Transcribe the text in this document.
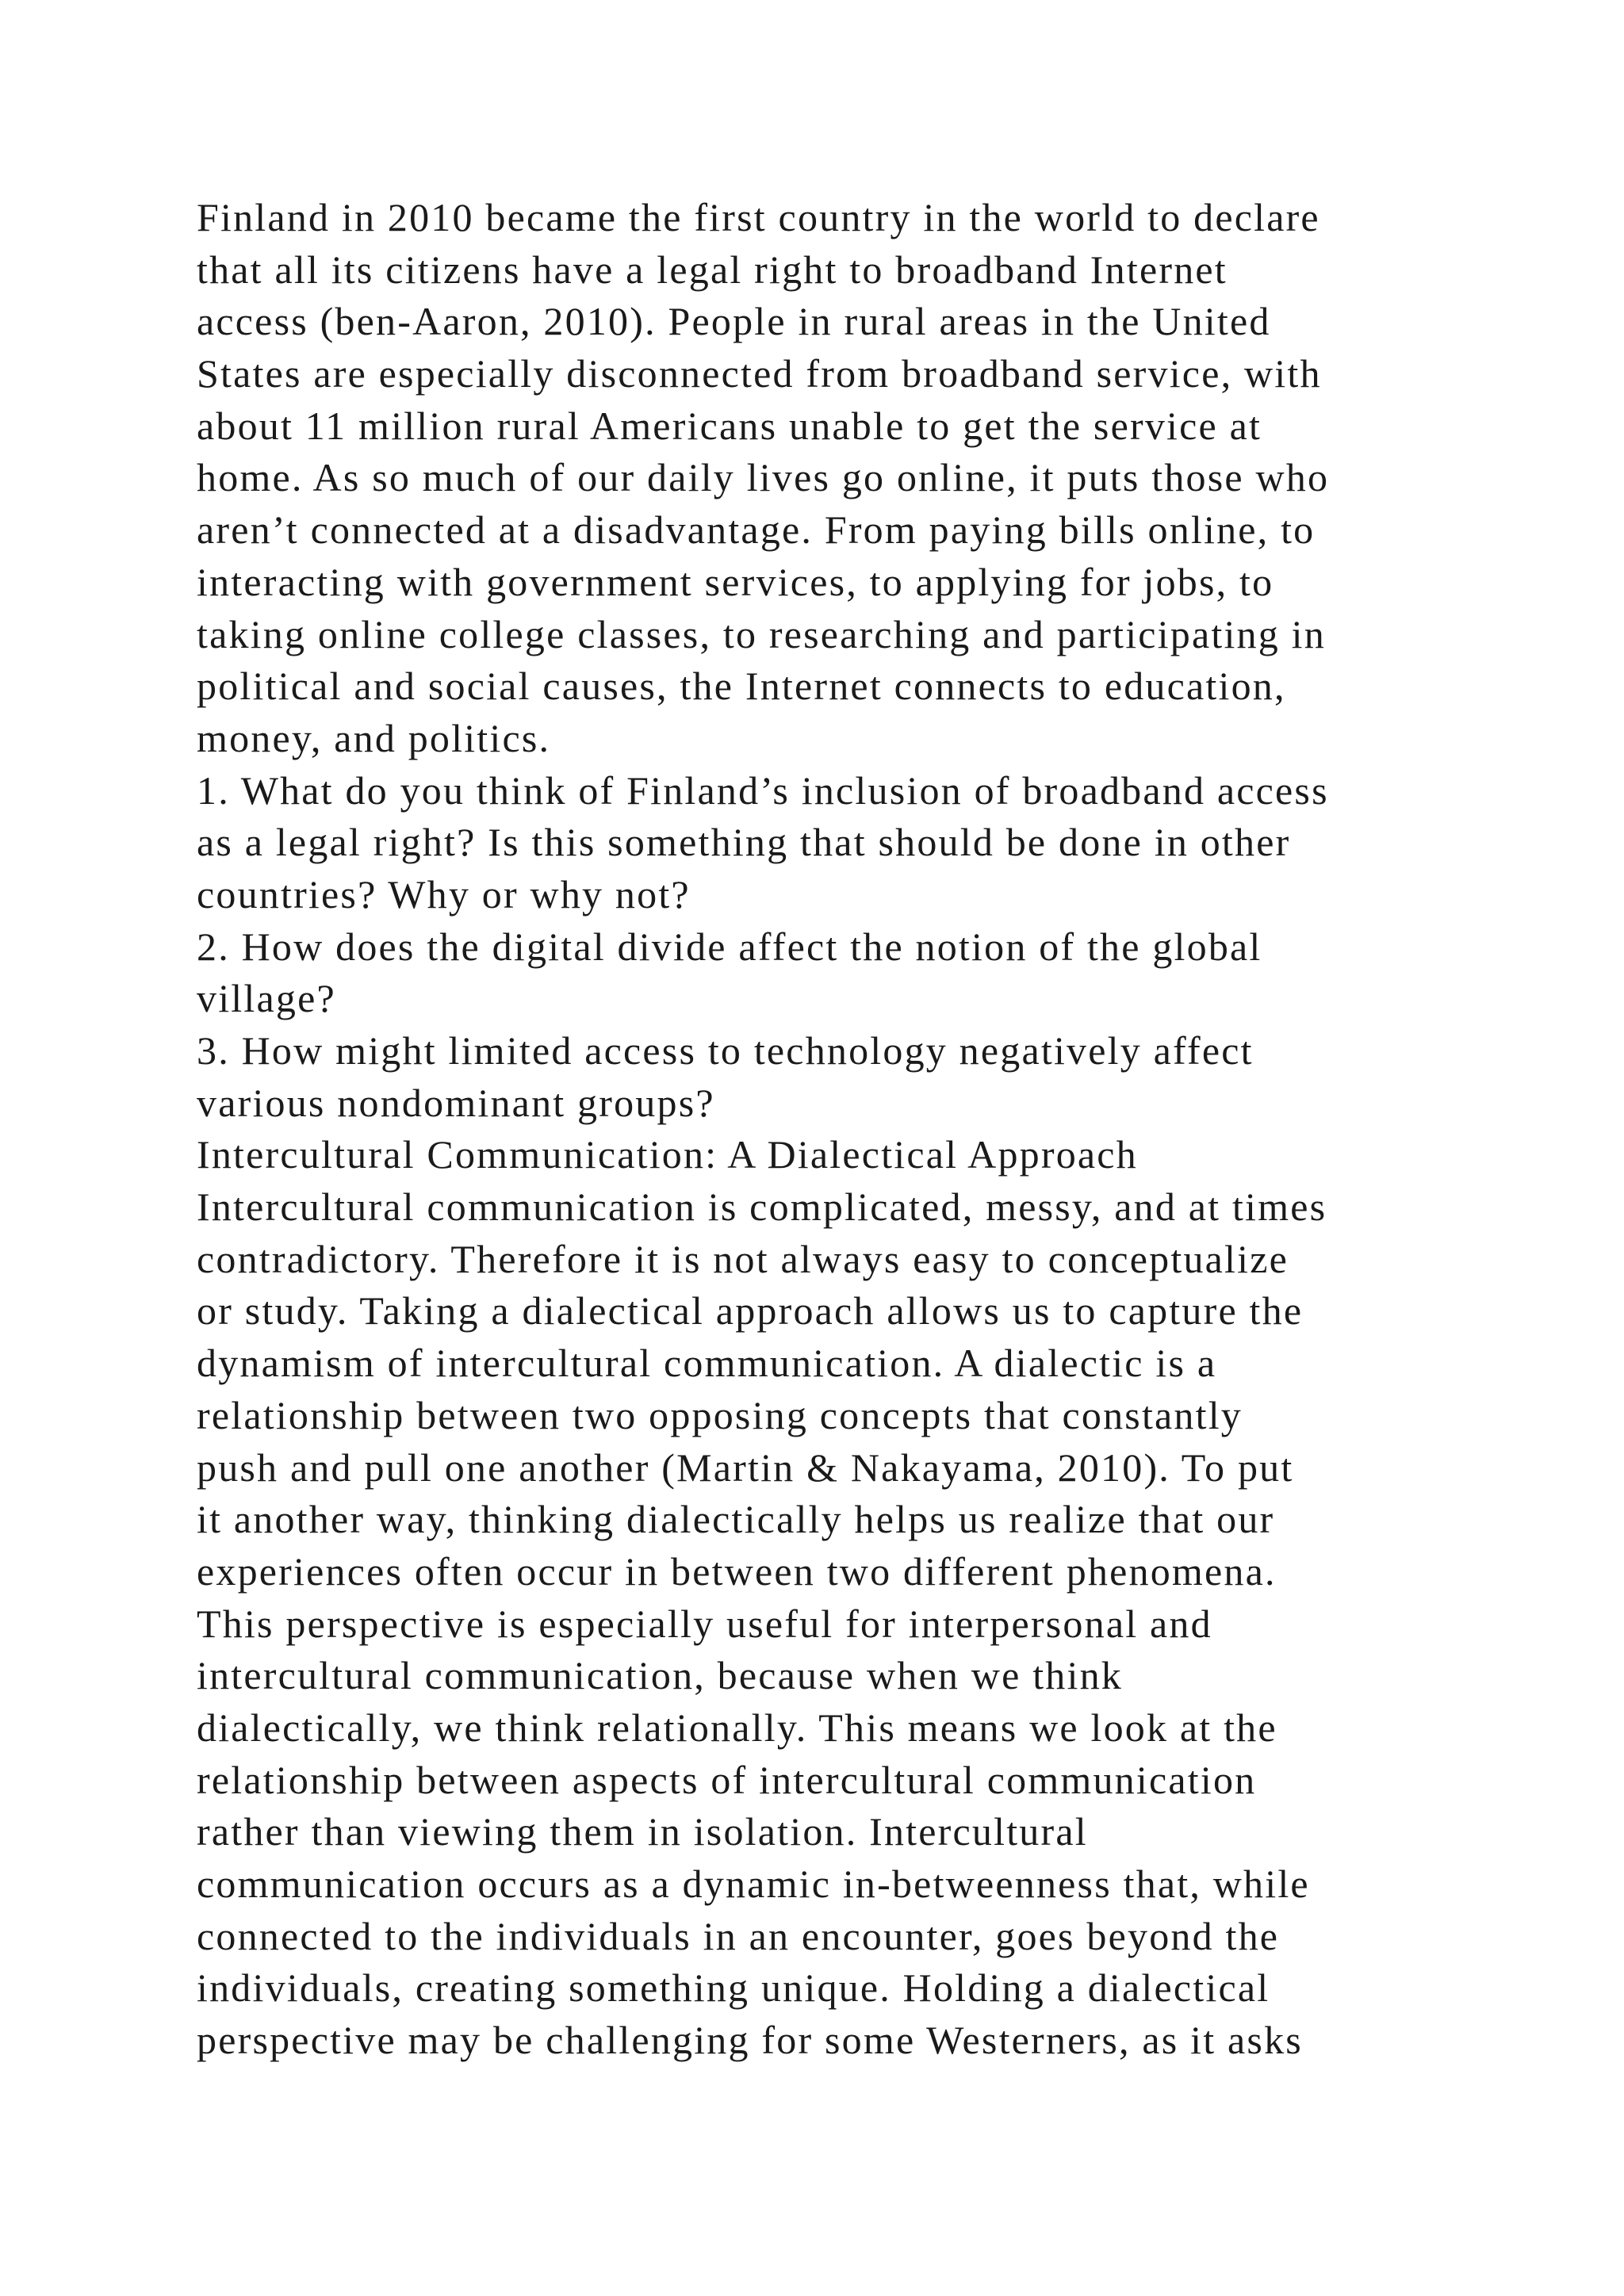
Finland in 2010 became the first country in the world to declare
that all its citizens have a legal right to broadband Internet
access (ben-Aaron, 2010). People in rural areas in the United
States are especially disconnected from broadband service, with
about 11 million rural Americans unable to get the service at
home. As so much of our daily lives go online, it puts those who
aren’t connected at a disadvantage. From paying bills online, to
interacting with government services, to applying for jobs, to
taking online college classes, to researching and participating in
political and social causes, the Internet connects to education,
money, and politics.
1. What do you think of Finland’s inclusion of broadband access
as a legal right? Is this something that should be done in other
countries? Why or why not?
2. How does the digital divide affect the notion of the global
village?
3. How might limited access to technology negatively affect
various nondominant groups?
Intercultural Communication: A Dialectical Approach
Intercultural communication is complicated, messy, and at times
contradictory. Therefore it is not always easy to conceptualize
or study. Taking a dialectical approach allows us to capture the
dynamism of intercultural communication. A dialectic is a
relationship between two opposing concepts that constantly
push and pull one another (Martin & Nakayama, 2010). To put
it another way, thinking dialectically helps us realize that our
experiences often occur in between two different phenomena.
This perspective is especially useful for interpersonal and
intercultural communication, because when we think
dialectically, we think relationally. This means we look at the
relationship between aspects of intercultural communication
rather than viewing them in isolation. Intercultural
communication occurs as a dynamic in-betweenness that, while
connected to the individuals in an encounter, goes beyond the
individuals, creating something unique. Holding a dialectical
perspective may be challenging for some Westerners, as it asks
